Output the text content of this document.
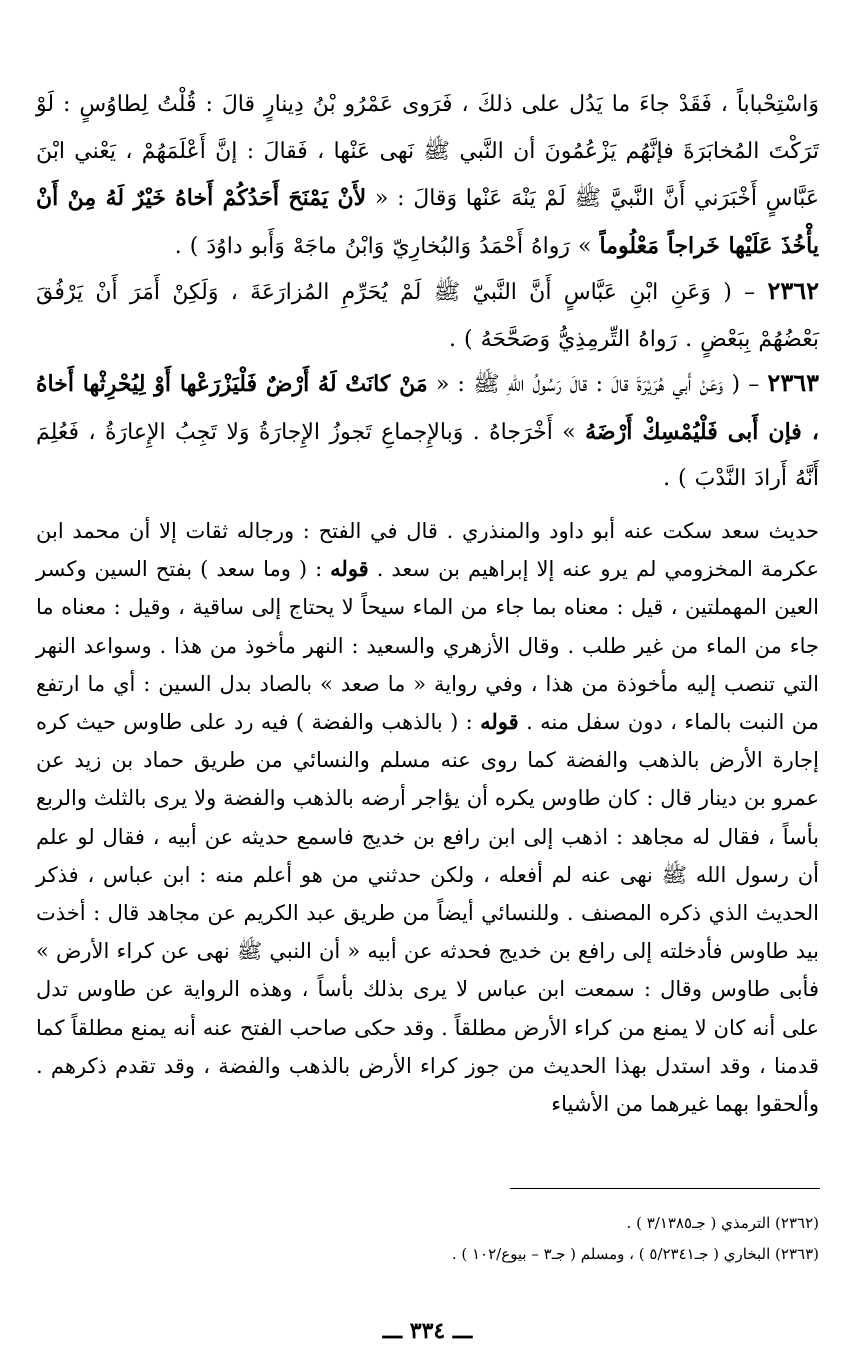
وَاسْتِحْباباً ، فَقَدْ جاءَ ما يَدُل على ذلكَ ، فَرَوى عَمْرُو بْنُ دِينارٍ قالَ : قُلْتُ لِطاوُسٍ : لَوْ تَرَكْتَ المُخابَرَةَ فإنَّهُم يَزْعُمُونَ أن النَّبي ﷺ نَهى عَنْها ، فَقالَ : إنَّ أَعْلَمَهُمْ ، يَعْني ابْنَ عَبَّاسٍ أَخْبَرَني أَنَّ النَّبيَّ ﷺ لَمْ يَنْهَ عَنْها وَقالَ : « لأَنْ يَمْنَحَ أَحَدُكُمْ أَخاهُ خَيْرٌ لَهُ مِنْ أَنْ يأْخُذَ عَلَيْها خَراجاً مَعْلُوماً » رَواهُ أَحْمَدُ وَالبُخارِيّ وَابْنُ ماجَهْ وَأَبو داوُدَ ) .

٢٣٦٢ – ( وَعَنِ ابْنِ عَبَّاسٍ أَنَّ النَّبيّ ﷺ لَمْ يُحَرِّمِ المُزارَعَةَ ، وَلَكِنْ أَمَرَ أَنْ يَرْفُقَ بَعْضُهُمْ بِبَعْضٍ . رَواهُ التِّرمِذِيُّ وَصَحَّحَهُ ) .

٢٣٦٣ – ( وَعَنْ أَبي هُرَيْرَةَ قالَ : قالَ رَسُولُ اللهِ ﷺ : « مَنْ كانَتْ لَهُ أَرْضٌ فَلْيَزْرَعْها أَوْ لِيُحْرِثْها أَخاهُ ، فإن أَبى فَلْيُمْسِكْ أَرْضَهُ » أَخْرَجاهُ . وَبالإِجماعِ تَجوزُ الإِجارَةُ وَلا تَجِبُ الإِعارَةُ ، فَعُلِمَ أَنَّهُ أَرادَ النَّدْبَ ) .

حديث سعد سكت عنه أبو داود والمنذري . قال في الفتح : ورجاله ثقات إلا أن محمد ابن عكرمة المخزومي لم يرو عنه إلا إبراهيم بن سعد . قوله : ( وما سعد ) بفتح السين وكسر العين المهملتين ، قيل : معناه بما جاء من الماء سيحاً لا يحتاج إلى ساقية ، وقيل : معناه ما جاء من الماء من غير طلب . وقال الأزهري والسعيد : النهر مأخوذ من هذا . وسواعد النهر التي تنصب إليه مأخوذة من هذا ، وفي رواية « ما صعد » بالصاد بدل السين : أي ما ارتفع من النبت بالماء ، دون سفل منه . قوله : ( بالذهب والفضة ) فيه رد على طاوس حيث كره إجارة الأرض بالذهب والفضة كما روى عنه مسلم والنسائي من طريق حماد بن زيد عن عمرو بن دينار قال : كان طاوس يكره أن يؤاجر أرضه بالذهب والفضة ولا يرى بالثلث والربع بأساً ، فقال له مجاهد : اذهب إلى ابن رافع بن خديج فاسمع حديثه عن أبيه ، فقال لو علم أن رسول الله ﷺ نهى عنه لم أفعله ، ولكن حدثني من هو أعلم منه : ابن عباس ، فذكر الحديث الذي ذكره المصنف . وللنسائي أيضاً من طريق عبد الكريم عن مجاهد قال : أخذت بيد طاوس فأدخلته إلى رافع بن خديج فحدثه عن أبيه « أن النبي ﷺ نهى عن كراء الأرض » فأبى طاوس وقال : سمعت ابن عباس لا يرى بذلك بأساً ، وهذه الرواية عن طاوس تدل على أنه كان لا يمنع من كراء الأرض مطلقاً . وقد حكى صاحب الفتح عنه أنه يمنع مطلقاً كما قدمنا ، وقد استدل بهذا الحديث من جوز كراء الأرض بالذهب والفضة ، وقد تقدم ذكرهم . وألحقوا بهما غيرهما من الأشياء

(٢٣٦٢) الترمذي ( جـ٣/١٣٨٥ ) .
(٢٣٦٣) البخاري ( جـ٥/٢٣٤١ ) ، ومسلم ( جـ٣ – بيوع/١٠٢ ) .
ـــ ٣٣٤ ـــ
